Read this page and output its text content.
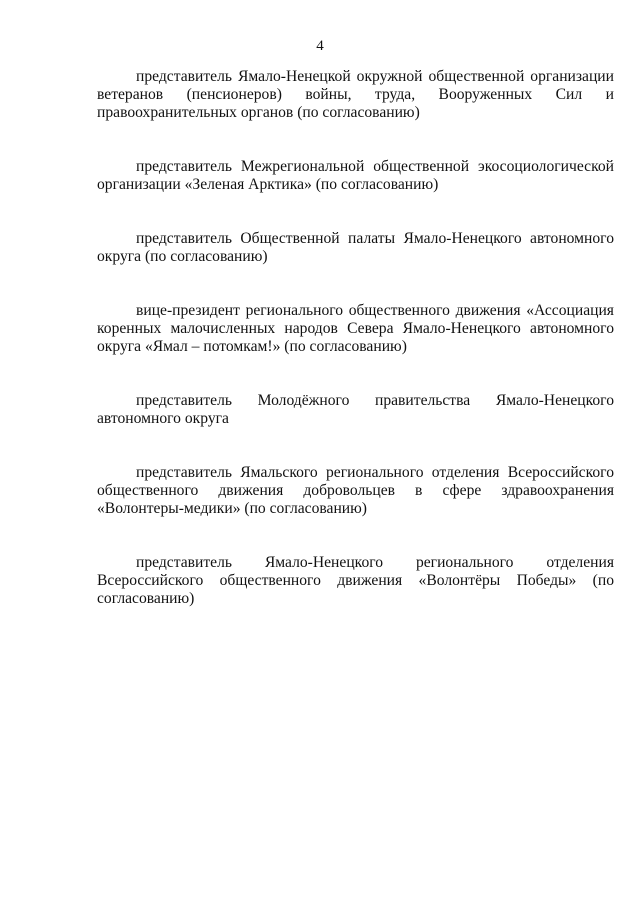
4

представитель Ямало-Ненецкой окружной общественной организации ветеранов (пенсионеров) войны, труда, Вооруженных Сил и правоохранительных органов (по согласованию)

представитель Межрегиональной общественной экосоциологической организации «Зеленая Арктика» (по согласованию)

представитель Общественной палаты Ямало-Ненецкого автономного округа (по согласованию)

вице-президент регионального общественного движения «Ассоциация коренных малочисленных народов Севера Ямало-Ненецкого автономного округа «Ямал – потомкам!» (по согласованию)

представитель Молодёжного правительства Ямало-Ненецкого автономного округа

представитель Ямальского регионального отделения Всероссийского общественного движения добровольцев в сфере здравоохранения «Волонтеры-медики» (по согласованию)

представитель Ямало-Ненецкого регионального отделения Всероссийского общественного движения «Волонтёры Победы» (по согласованию)
